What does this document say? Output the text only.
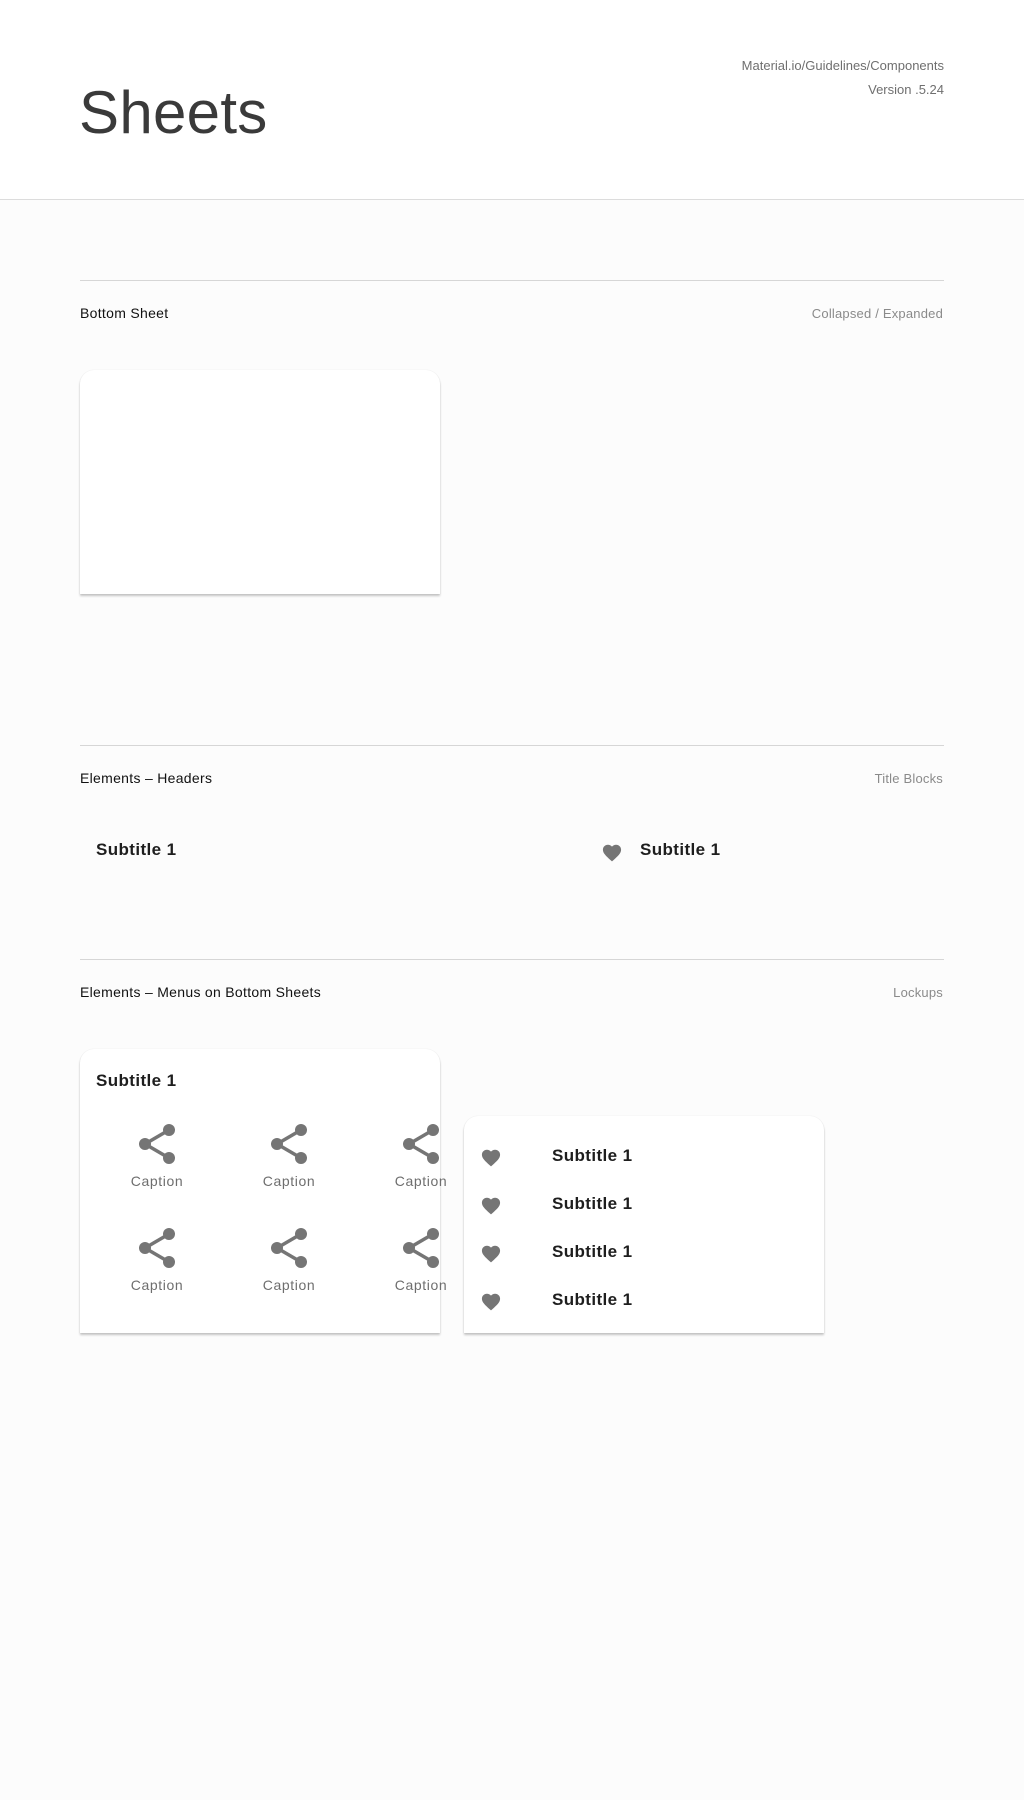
Sheets
Material.io/Guidelines/Components
Version .5.24
Bottom Sheet	Collapsed / Expanded
Elements – Headers	Title Blocks
Subtitle 1	Subtitle 1
Elements – Menus on Bottom Sheets	Lockups
Subtitle 1
Caption	Caption	Caption
Caption	Caption	Caption
Subtitle 1
Subtitle 1
Subtitle 1
Subtitle 1
